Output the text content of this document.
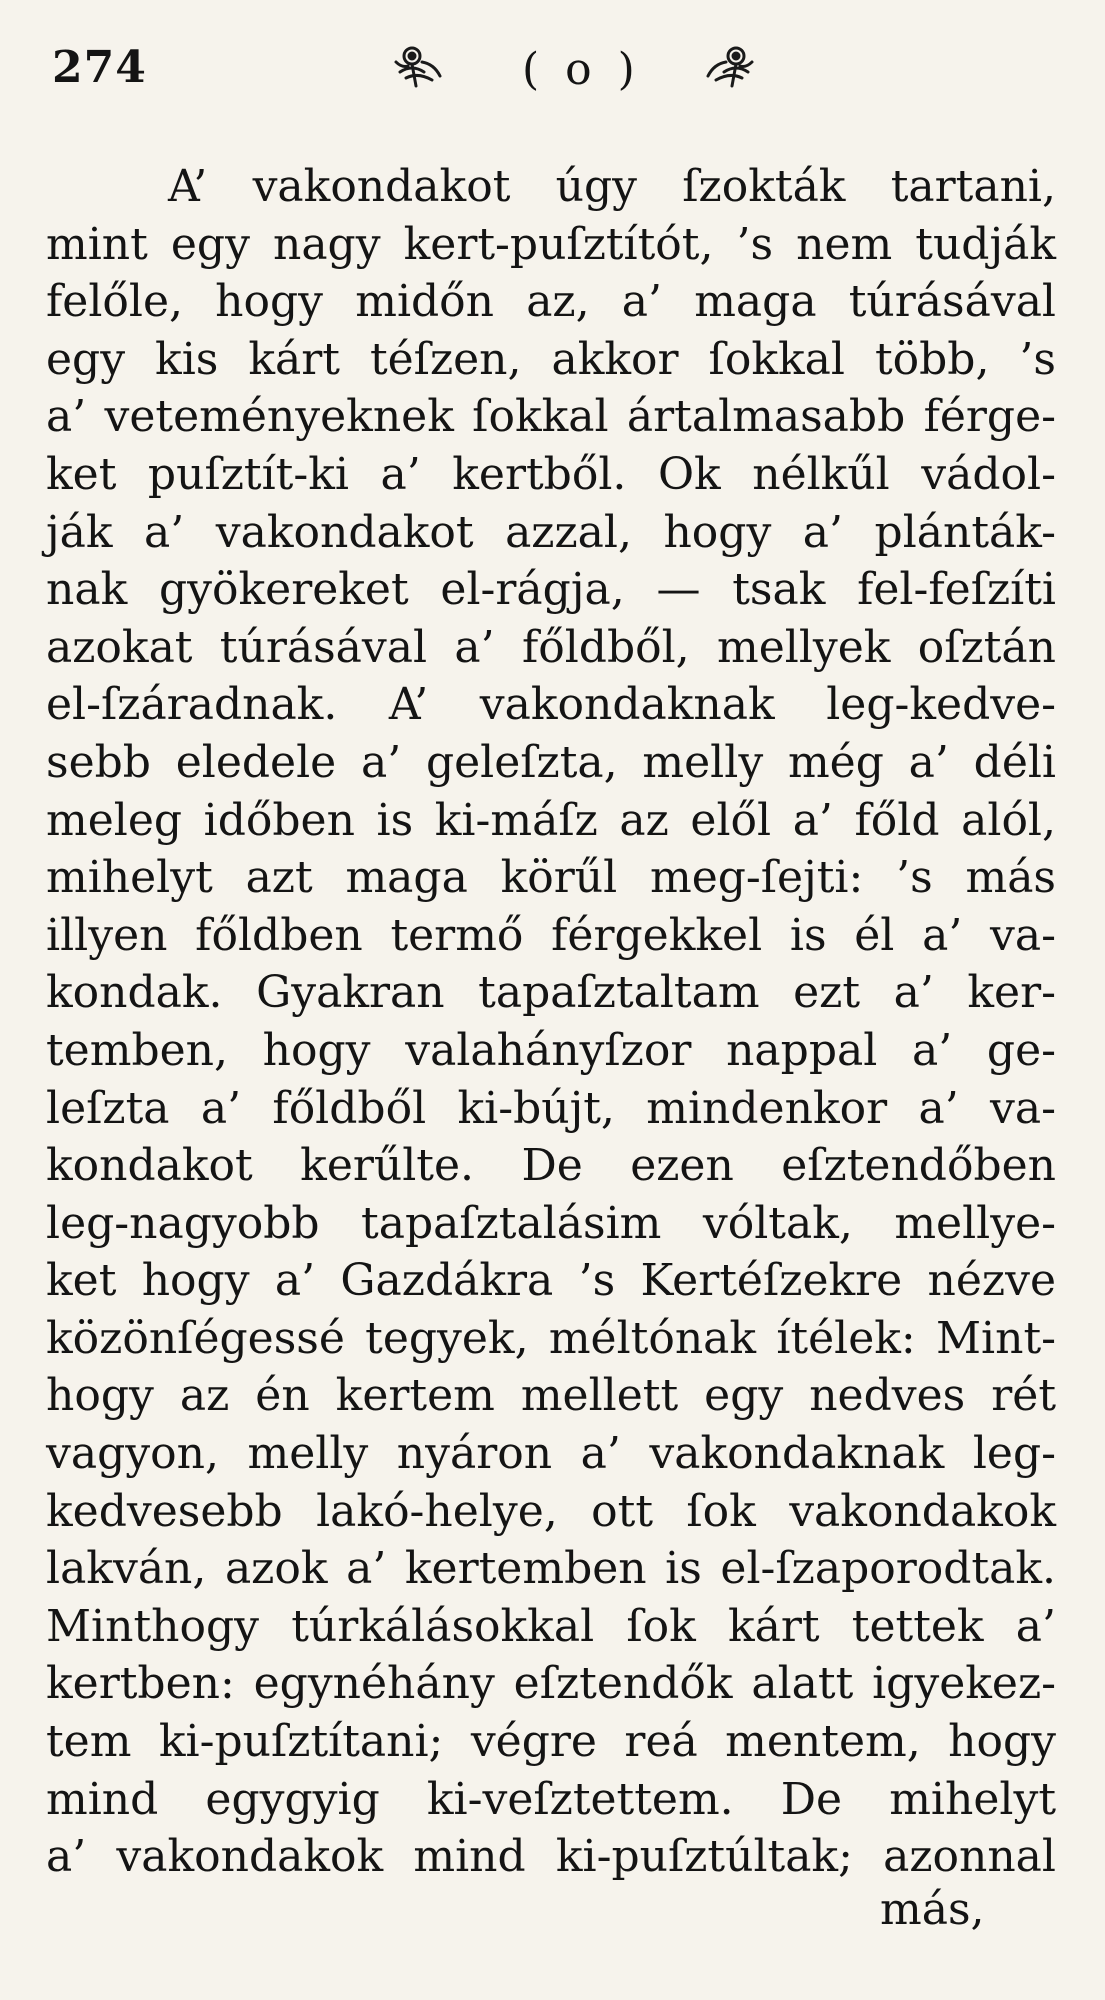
274	( o )
A’ vakondakot úgy ſzokták tartani,
mint egy nagy kert-puſztítót, ’s nem tudják
felőle, hogy midőn az, a’ maga túrásával
egy kis kárt téſzen, akkor ſokkal több, ’s
a’ veteményeknek ſokkal ártalmasabb férge-
ket puſztít-ki a’ kertből. Ok nélkűl vádol-
ják a’ vakondakot azzal, hogy a’ plánták-
nak gyökereket el-rágja, — tsak fel-feſzíti
azokat túrásával a’ főldből, mellyek oſztán
el-ſzáradnak. A’ vakondaknak leg-kedve-
sebb eledele a’ geleſzta, melly még a’ déli
meleg időben is ki-máſz az elől a’ főld alól,
mihelyt azt maga körűl meg-ſejti: ’s más
illyen főldben termő férgekkel is él a’ va-
kondak. Gyakran tapaſztaltam ezt a’ ker-
temben, hogy valahányſzor nappal a’ ge-
leſzta a’ főldből ki-búјt, mindenkor a’ va-
kondakot kerűlte. De ezen eſztendőben
leg-nagyobb tapaſztalásim vóltak, mellye-
ket hogy a’ Gazdákra ’s Kertéſzekre nézve
közönſégessé tegyek, méltónak ítélek: Mint-
hogy az én kertem mellett egy nedves rét
vagyon, melly nyáron a’ vakondaknak leg-
kedvesebb lakó-helye, ott ſok vakondakok
lakván, azok a’ kertemben is el-ſzaporodtak.
Minthogy túrkálásokkal ſok kárt tettek a’
kertben: egynéhány eſztendők alatt igyekez-
tem ki-puſztítani; végre reá mentem, hogy
mind egygyig ki-veſztettem. De mihelyt
a’ vakondakok mind ki-puſztúltak; azonnal
más,
